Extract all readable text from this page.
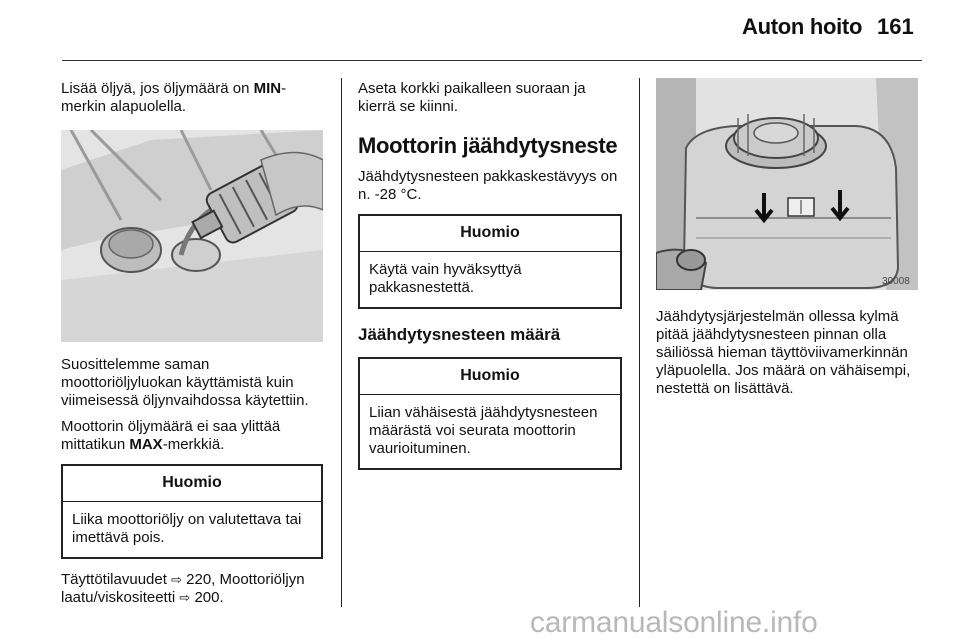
Auton hoito 161

Lisää öljyä, jos öljymäärä on MIN-merkin alapuolella.

Suosittelemme saman moottoriöljyluokan käyttämistä kuin viimeisessä öljynvaihdossa käytettiin.

Moottorin öljymäärä ei saa ylittää mittatikun MAX-merkkiä.

Huomio
Liika moottoriöljy on valutettava tai imettävä pois.

Täyttötilavuudet ⇨ 220, Moottoriöljyn laatu/viskositeetti ⇨ 200.

Aseta korkki paikalleen suoraan ja kierrä se kiinni.

Moottorin jäähdytysneste

Jäähdytysnesteen pakkaskestävyys on n. -28 °C.

Huomio
Käytä vain hyväksyttyä pakkasnestettä.
Jäähdytysnesteen määrä
Huomio
Liian vähäisestä jäähdytysnesteen määrästä voi seurata moottorin vaurioituminen.
30008

Jäähdytysjärjestelmän ollessa kylmä pitää jäähdytysnesteen pinnan olla säiliössä hieman täyttöviivamerkinnän yläpuolella. Jos määrä on vähäisempi, nestettä on lisättävä.

carmanualsonline.info
